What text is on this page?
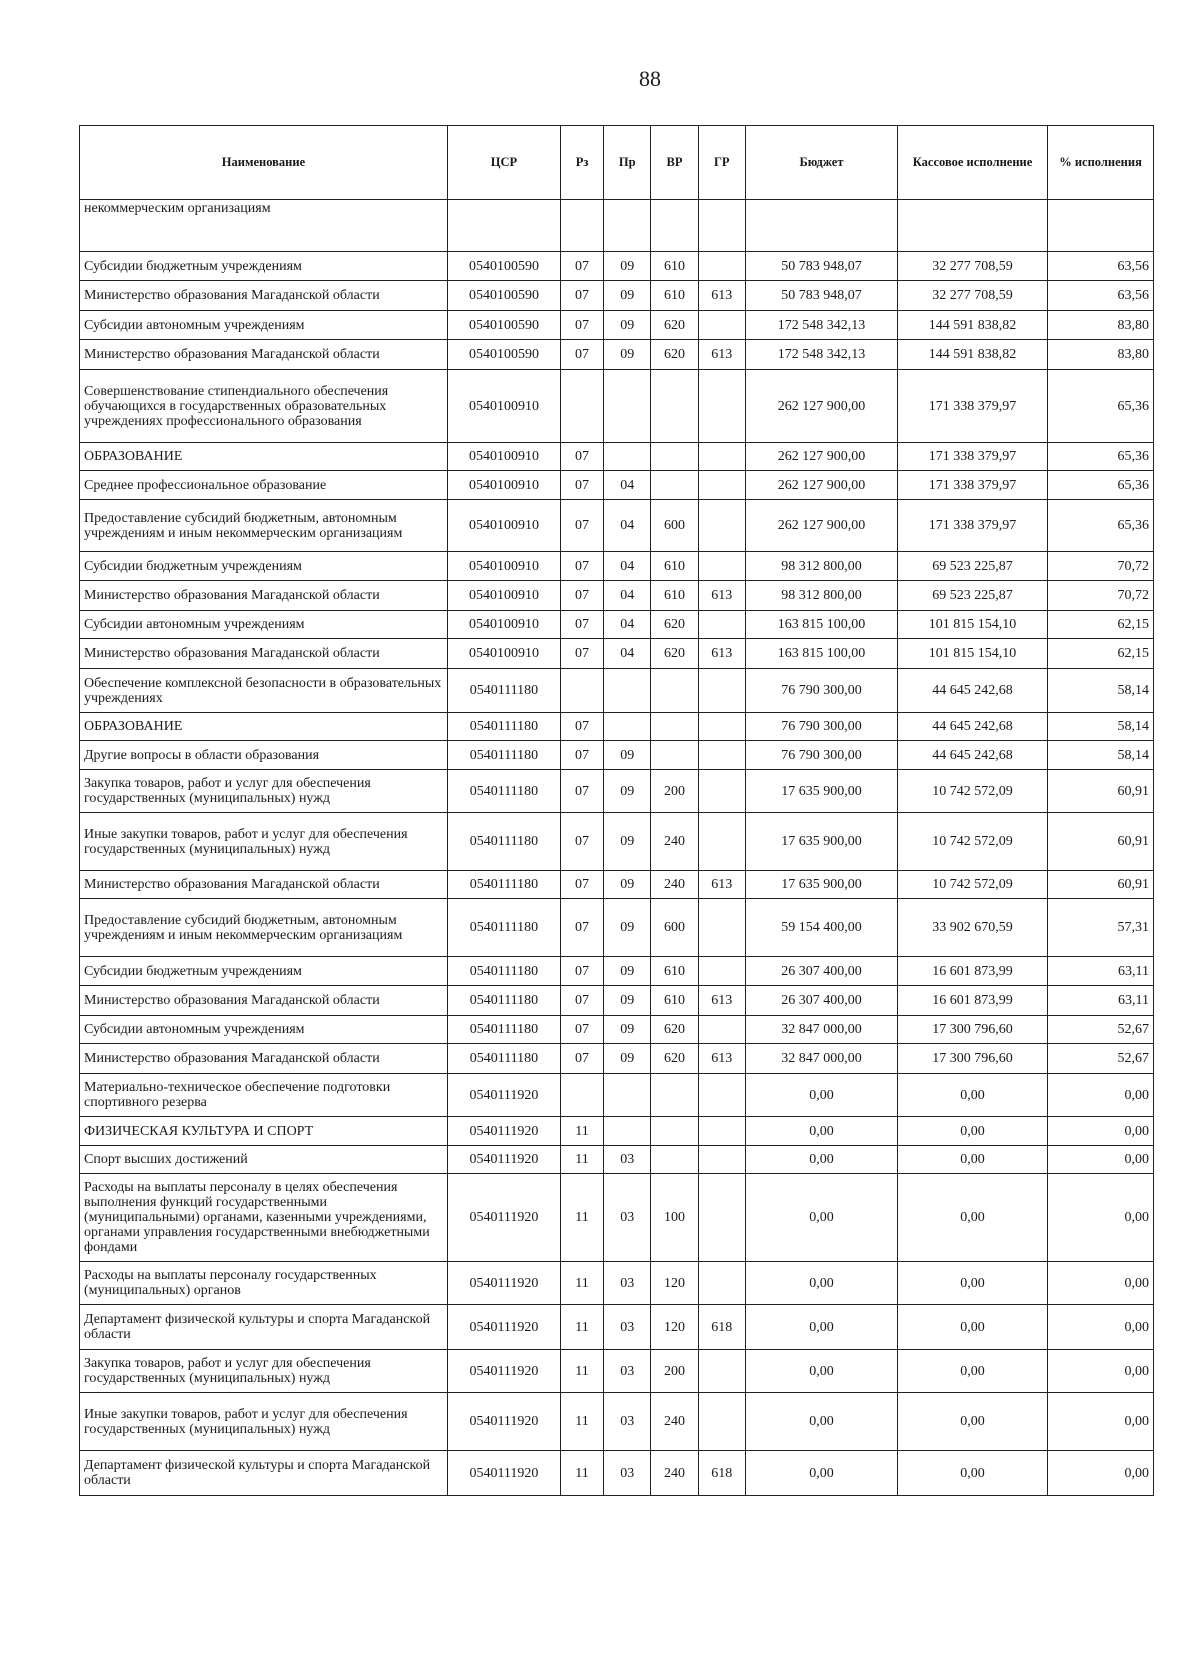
88
Наименование	ЦСР	Рз	Пр	ВР	ГР	Бюджет	Кассовое исполнение	% исполнения
некоммерческим организациям								
Субсидии бюджетным учреждениям	0540100590	07	09	610		50 783 948,07	32 277 708,59	63,56
Министерство образования Магаданской области	0540100590	07	09	610	613	50 783 948,07	32 277 708,59	63,56
Субсидии автономным учреждениям	0540100590	07	09	620		172 548 342,13	144 591 838,82	83,80
Министерство образования Магаданской области	0540100590	07	09	620	613	172 548 342,13	144 591 838,82	83,80
Совершенствование стипендиального обеспечения обучающихся в государственных образовательных учреждениях профессионального образования	0540100910					262 127 900,00	171 338 379,97	65,36
ОБРАЗОВАНИЕ	0540100910	07				262 127 900,00	171 338 379,97	65,36
Среднее профессиональное образование	0540100910	07	04			262 127 900,00	171 338 379,97	65,36
Предоставление субсидий бюджетным, автономным учреждениям и иным некоммерческим организациям	0540100910	07	04	600		262 127 900,00	171 338 379,97	65,36
Субсидии бюджетным учреждениям	0540100910	07	04	610		98 312 800,00	69 523 225,87	70,72
Министерство образования Магаданской области	0540100910	07	04	610	613	98 312 800,00	69 523 225,87	70,72
Субсидии автономным учреждениям	0540100910	07	04	620		163 815 100,00	101 815 154,10	62,15
Министерство образования Магаданской области	0540100910	07	04	620	613	163 815 100,00	101 815 154,10	62,15
Обеспечение комплексной безопасности в образовательных учреждениях	0540111180					76 790 300,00	44 645 242,68	58,14
ОБРАЗОВАНИЕ	0540111180	07				76 790 300,00	44 645 242,68	58,14
Другие вопросы в области образования	0540111180	07	09			76 790 300,00	44 645 242,68	58,14
Закупка товаров, работ и услуг для обеспечения государственных (муниципальных) нужд	0540111180	07	09	200		17 635 900,00	10 742 572,09	60,91
Иные закупки товаров, работ и услуг для обеспечения государственных (муниципальных) нужд	0540111180	07	09	240		17 635 900,00	10 742 572,09	60,91
Министерство образования Магаданской области	0540111180	07	09	240	613	17 635 900,00	10 742 572,09	60,91
Предоставление субсидий бюджетным, автономным учреждениям и иным некоммерческим организациям	0540111180	07	09	600		59 154 400,00	33 902 670,59	57,31
Субсидии бюджетным учреждениям	0540111180	07	09	610		26 307 400,00	16 601 873,99	63,11
Министерство образования Магаданской области	0540111180	07	09	610	613	26 307 400,00	16 601 873,99	63,11
Субсидии автономным учреждениям	0540111180	07	09	620		32 847 000,00	17 300 796,60	52,67
Министерство образования Магаданской области	0540111180	07	09	620	613	32 847 000,00	17 300 796,60	52,67
Материально-техническое обеспечение подготовки спортивного резерва	0540111920					0,00	0,00	0,00
ФИЗИЧЕСКАЯ КУЛЬТУРА И СПОРТ	0540111920	11				0,00	0,00	0,00
Спорт высших достижений	0540111920	11	03			0,00	0,00	0,00
Расходы на выплаты персоналу в целях обеспечения выполнения функций государственными (муниципальными) органами, казенными учреждениями, органами управления государственными внебюджетными фондами	0540111920	11	03	100		0,00	0,00	0,00
Расходы на выплаты персоналу государственных (муниципальных) органов	0540111920	11	03	120		0,00	0,00	0,00
Департамент физической культуры и спорта Магаданской области	0540111920	11	03	120	618	0,00	0,00	0,00
Закупка товаров, работ и услуг для обеспечения государственных (муниципальных) нужд	0540111920	11	03	200		0,00	0,00	0,00
Иные закупки товаров, работ и услуг для обеспечения государственных (муниципальных) нужд	0540111920	11	03	240		0,00	0,00	0,00
Департамент физической культуры и спорта Магаданской области	0540111920	11	03	240	618	0,00	0,00	0,00
